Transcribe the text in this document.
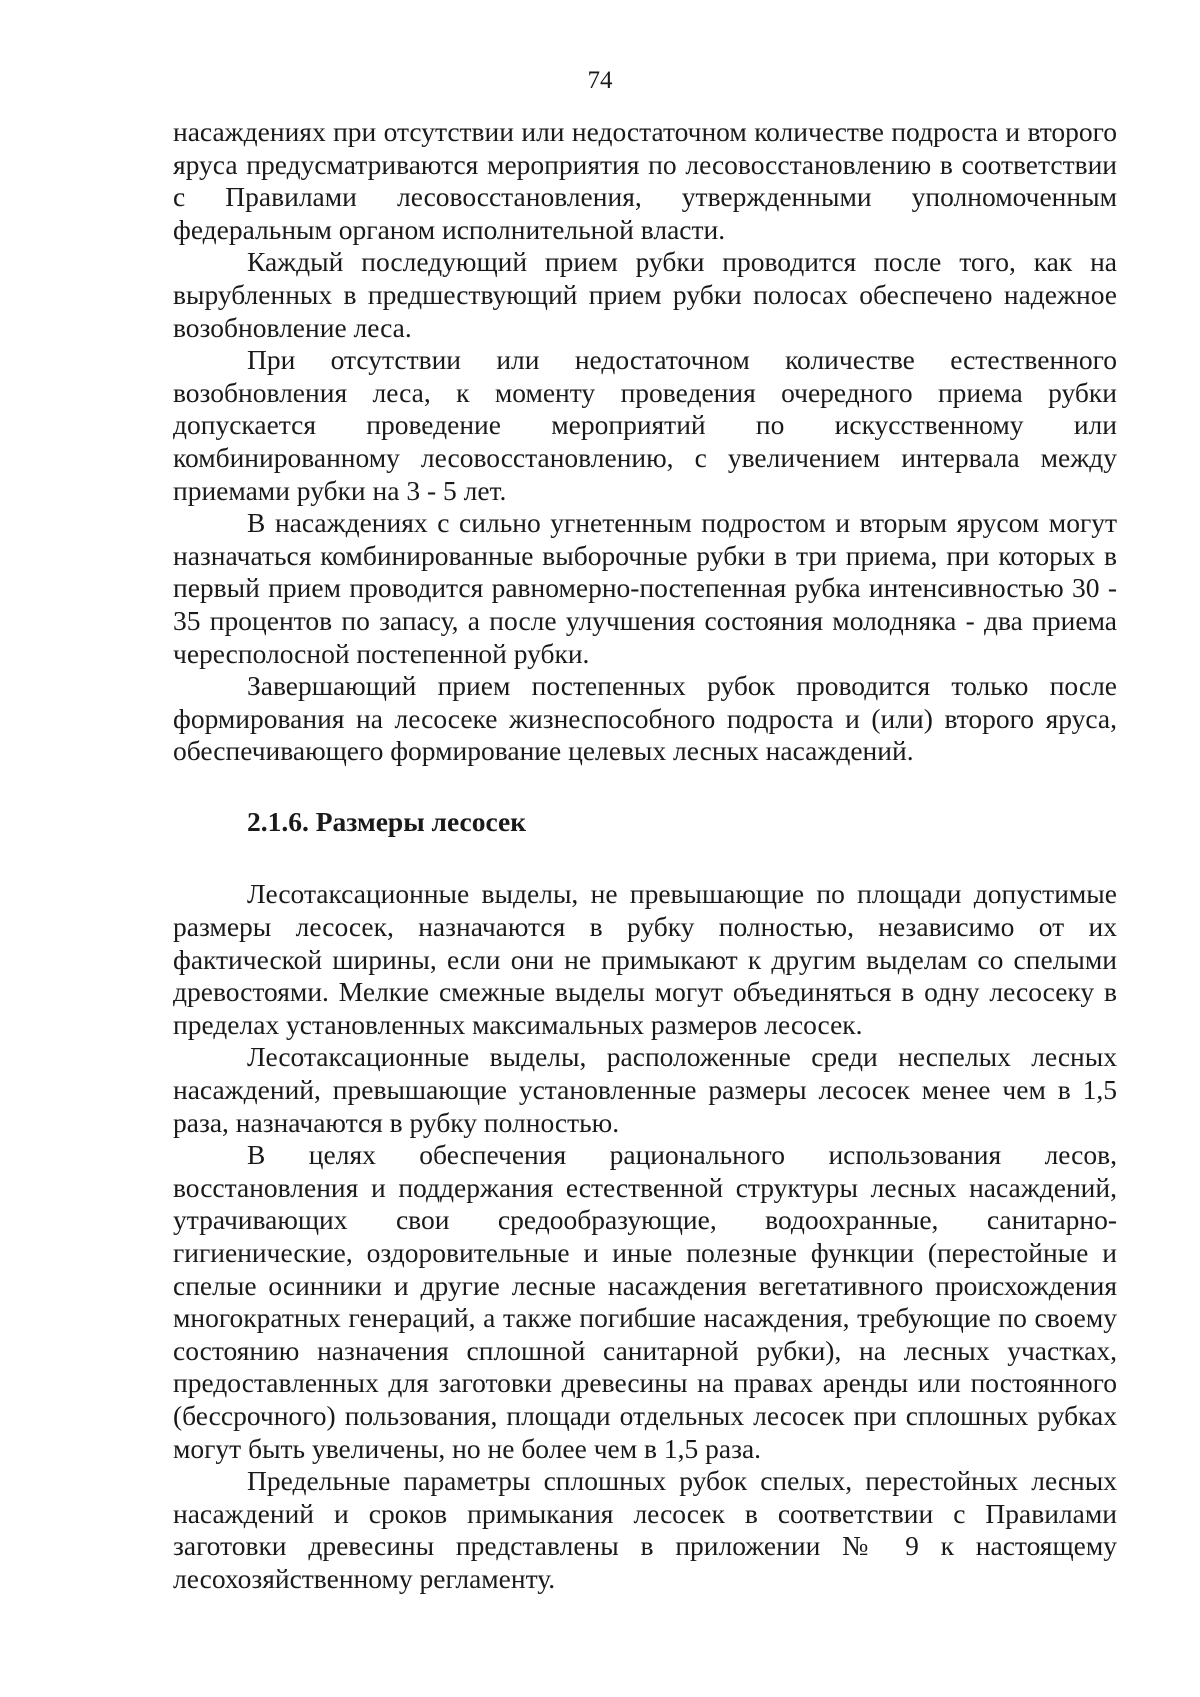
74

насаждениях при отсутствии или недостаточном количестве подроста и второго яруса предусматриваются мероприятия по лесовосстановлению в соответствии с Правилами лесовосстановления, утвержденными уполномоченным федеральным органом исполнительной власти.

Каждый последующий прием рубки проводится после того, как на вырубленных в предшествующий прием рубки полосах обеспечено надежное возобновление леса.

При отсутствии или недостаточном количестве естественного возобновления леса, к моменту проведения очередного приема рубки допускается проведение мероприятий по искусственному или комбинированному лесовосстановлению, с увеличением интервала между приемами рубки на 3 - 5 лет.

В насаждениях с сильно угнетенным подростом и вторым ярусом могут назначаться комбинированные выборочные рубки в три приема, при которых в первый прием проводится равномерно-постепенная рубка интенсивностью 30 - 35 процентов по запасу, а после улучшения состояния молодняка - два приема чересполосной постепенной рубки.

Завершающий прием постепенных рубок проводится только после формирования на лесосеке жизнеспособного подроста и (или) второго яруса, обеспечивающего формирование целевых лесных насаждений.

2.1.6. Размеры лесосек

Лесотаксационные выделы, не превышающие по площади допустимые размеры лесосек, назначаются в рубку полностью, независимо от их фактической ширины, если они не примыкают к другим выделам со спелыми древостоями. Мелкие смежные выделы могут объединяться в одну лесосеку в пределах установленных максимальных размеров лесосек.

Лесотаксационные выделы, расположенные среди неспелых лесных насаждений, превышающие установленные размеры лесосек менее чем в 1,5 раза, назначаются в рубку полностью.

В целях обеспечения рационального использования лесов, восстановления и поддержания естественной структуры лесных насаждений, утрачивающих свои средообразующие, водоохранные, санитарно-гигиенические, оздоровительные и иные полезные функции (перестойные и спелые осинники и другие лесные насаждения вегетативного происхождения многократных генераций, а также погибшие насаждения, требующие по своему состоянию назначения сплошной санитарной рубки), на лесных участках, предоставленных для заготовки древесины на правах аренды или постоянного (бессрочного) пользования, площади отдельных лесосек при сплошных рубках могут быть увеличены, но не более чем в 1,5 раза.

Предельные параметры сплошных рубок спелых, перестойных лесных насаждений и сроков примыкания лесосек в соответствии с Правилами заготовки древесины представлены в приложении № 9 к настоящему лесохозяйственному регламенту.
